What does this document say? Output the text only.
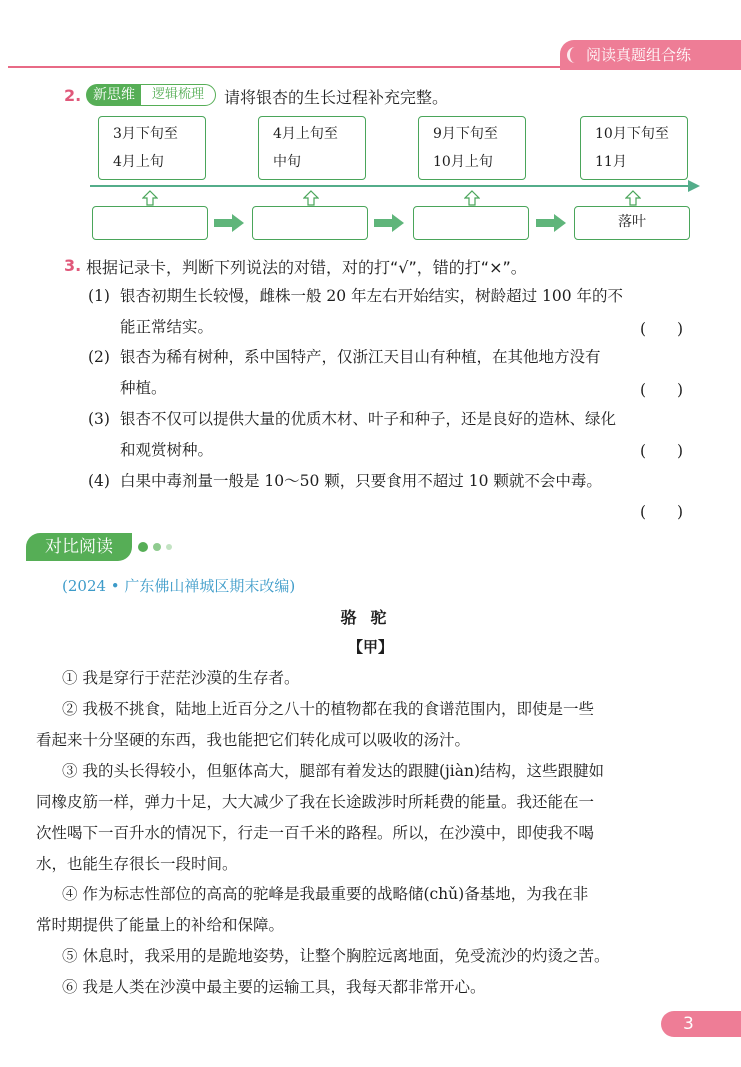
阅读真题组合练
2. 新思维	逻辑梳理	请将银杏的生长过程补充完整。
3月下旬至
4月上旬
4月上旬至
中旬
9月下旬至
10月上旬
10月下旬至
11月
落叶
3. 根据记录卡，判断下列说法的对错，对的打“√”，错的打“×”。
(1) 银杏初期生长较慢，雌株一般 20 年左右开始结实，树龄超过 100 年的不
能正常结实。	(　　)
(2) 银杏为稀有树种，系中国特产，仅浙江天目山有种植，在其他地方没有
种植。	(　　)
(3) 银杏不仅可以提供大量的优质木材、叶子和种子，还是良好的造林、绿化
和观赏树种。	(　　)
(4) 白果中毒剂量一般是 10～50 颗，只要食用不超过 10 颗就不会中毒。
(　　)
对比阅读
(2024 • 广东佛山禅城区期末改编)
骆驼
【甲】
① 我是穿行于茫茫沙漠的生存者。
② 我极不挑食，陆地上近百分之八十的植物都在我的食谱范围内，即使是一些
看起来十分坚硬的东西，我也能把它们转化成可以吸收的汤汁。
③ 我的头长得较小，但躯体高大，腿部有着发达的跟腱(jiàn)结构，这些跟腱如
同橡皮筋一样，弹力十足，大大减少了我在长途跋涉时所耗费的能量。我还能在一
次性喝下一百升水的情况下，行走一百千米的路程。所以，在沙漠中，即使我不喝
水，也能生存很长一段时间。
④ 作为标志性部位的高高的驼峰是我最重要的战略储(chǔ)备基地，为我在非
常时期提供了能量上的补给和保障。
⑤ 休息时，我采用的是跪地姿势，让整个胸腔远离地面，免受流沙的灼烫之苦。
⑥ 我是人类在沙漠中最主要的运输工具，我每天都非常开心。
3
